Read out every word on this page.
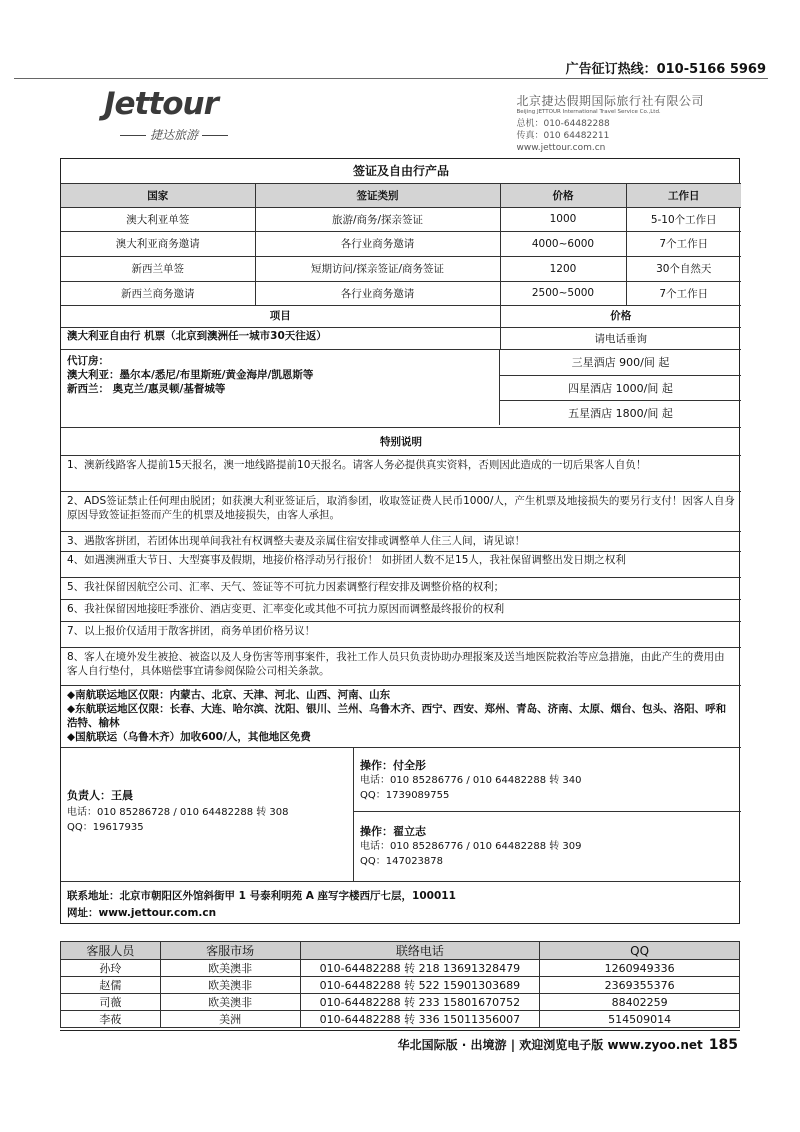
广告征订热线：010-5166 5969
Jettour
捷达旅游
北京捷达假期国际旅行社有限公司
Beijing JETTOUR International Travel Service Co.,Ltd.
总机：010-64482288
传真：010 64482211
www.jettour.com.cn
签证及自由行产品			
国家	签证类别	价格	工作日
澳大利亚单签	旅游/商务/探亲签证	1000	5-10个工作日
澳大利亚商务邀请	各行业商务邀请	4000~6000	7个工作日
新西兰单签	短期访问/探亲签证/商务签证	1200	30个自然天
新西兰商务邀请	各行业商务邀请	2500~5000	7个工作日
项目	价格
澳大利亚自由行 机票（北京到澳洲任一城市30天往返）	请电话垂询
代订房：
澳大利亚：墨尔本/悉尼/布里斯班/黄金海岸/凯恩斯等
新西兰： 奥克兰/惠灵顿/基督城等
三星酒店 900/间 起
四星酒店 1000/间 起
五星酒店 1800/间 起
特别说明
1、澳新线路客人提前15天报名，澳一地线路提前10天报名。请客人务必提供真实资料，否则因此造成的一切后果客人自负！
2、ADS签证禁止任何理由脱团；如获澳大利亚签证后，取消参团，收取签证费人民币1000/人，产生机票及地接损失的要另行支付！因客人自身原因导致签证拒签而产生的机票及地接损失，由客人承担。
3、遇散客拼团，若团体出现单间我社有权调整夫妻及亲属住宿安排或调整单人住三人间，请见谅！
4、如遇澳洲重大节日、大型赛事及假期，地接价格浮动另行报价！ 如拼团人数不足15人，我社保留调整出发日期之权利
5、我社保留因航空公司、汇率、天气、签证等不可抗力因素调整行程安排及调整价格的权利；
6、我社保留因地接旺季涨价、酒店变更、汇率变化或其他不可抗力原因而调整最终报价的权利
7、以上报价仅适用于散客拼团，商务单团价格另议！
8、客人在境外发生被抢、被盗以及人身伤害等刑事案件，我社工作人员只负责协助办理报案及送当地医院救治等应急措施，由此产生的费用由客人自行垫付，具体赔偿事宜请参阅保险公司相关条款。
◆南航联运地区仅限：内蒙古、北京、天津、河北、山西、河南、山东
◆东航联运地区仅限：长春、大连、哈尔滨、沈阳、银川、兰州、乌鲁木齐、西宁、西安、郑州、青岛、济南、太原、烟台、包头、洛阳、呼和浩特、榆林
◆国航联运（乌鲁木齐）加收600/人，其他地区免费
负责人：王晨
电话：010 85286728 / 010 64482288 转 308
QQ：19617935
操作：付全彤
电话：010 85286776 / 010 64482288 转 340
QQ：1739089755
操作：翟立志
电话：010 85286776 / 010 64482288 转 309
QQ：147023878
联系地址：北京市朝阳区外馆斜街甲 1 号泰利明苑 A 座写字楼西厅七层，100011
网址：www.jettour.com.cn
客服人员	客服市场	联络电话	QQ
孙玲	欧美澳非	010-64482288 转 218 13691328479	1260949336
赵儒	欧美澳非	010-64482288 转 522 15901303689	2369355376
司薇	欧美澳非	010-64482288 转 233 15801670752	88402259
李莜	美洲	010-64482288 转 336 15011356007	514509014
华北国际版 · 出境游 | 欢迎浏览电子版 www.zyoo.net 185
